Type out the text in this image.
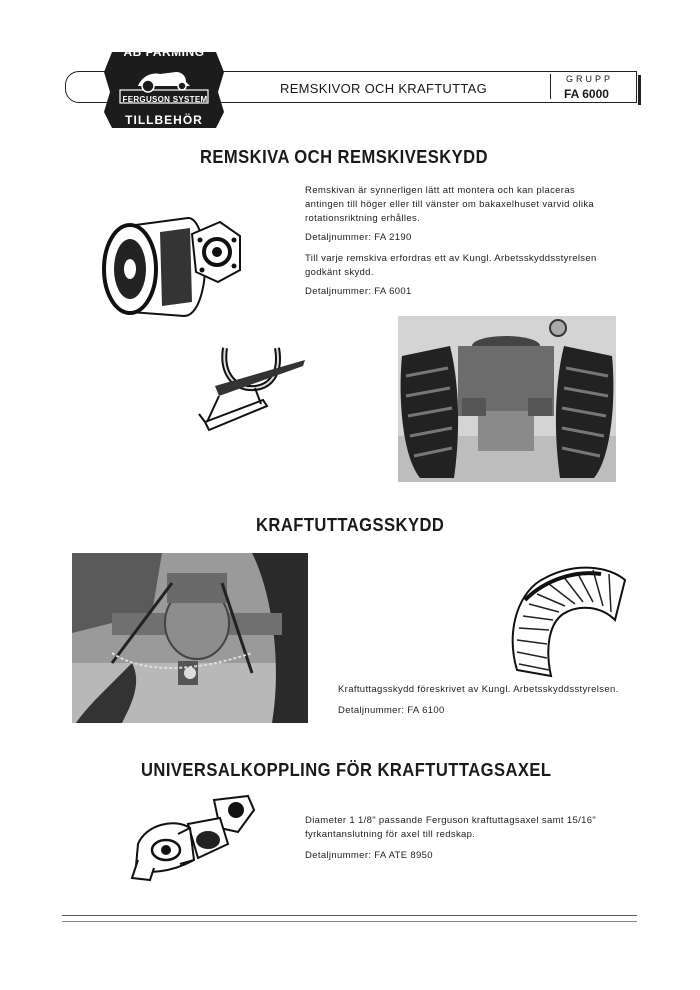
AB FARMING
FERGUSON SYSTEM
TILLBEHÖR
REMSKIVOR OCH KRAFTUTTAG
GRUPP
FA 6000
REMSKIVA OCH REMSKIVESKYDD

Remskivan är synnerligen lätt att montera och kan placeras antingen till höger eller till vänster om bakaxelhuset varvid olika rotationsriktning erhålles.

Detaljnummer: FA 2190

Till varje remskiva erfordras ett av Kungl. Arbetsskyddsstyrelsen godkänt skydd.

Detaljnummer: FA 6001

KRAFTUTTAGSSKYDD

Kraftuttagsskydd föreskrivet av Kungl. Arbetsskyddsstyrelsen.

Detaljnummer: FA 6100

UNIVERSALKOPPLING FÖR KRAFTUTTAGSAXEL

Diameter 1 1/8" passande Ferguson kraftuttagsaxel samt 15/16" fyrkantanslutning för axel till redskap.

Detaljnummer: FA ATE 8950
